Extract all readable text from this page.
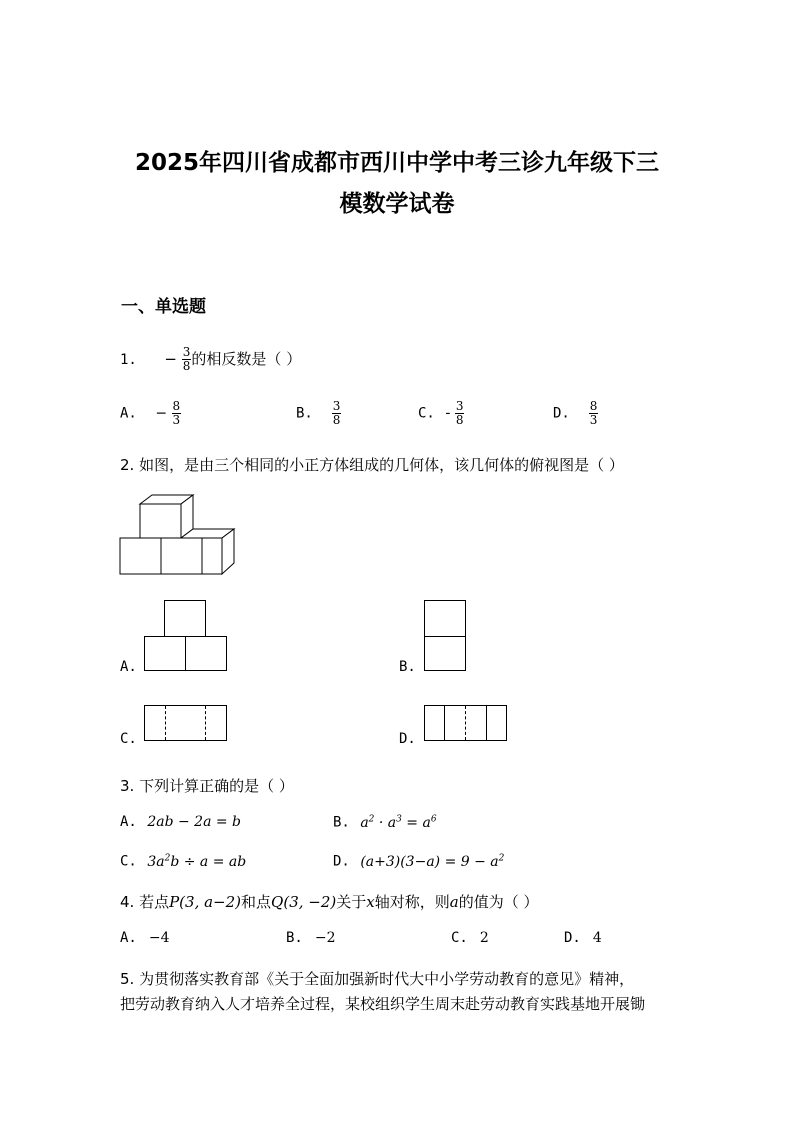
2025年四川省成都市西川中学中考三诊九年级下三
模数学试卷
一、单选题
1. − $\frac{3}{8}$ 的相反数是（ ）
A. − $\frac{8}{3}$	B. $\frac{3}{8}$	C. - $\frac{3}{8}$	D. $\frac{8}{3}$
2. 如图，是由三个相同的小正方体组成的几何体，该几何体的俯视图是（ ）
A.	B.
C.	D.
3. 下列计算正确的是（ ）
A. 2ab − 2a = b	B. $a^2 \cdot a^3 = a^6$
C. $3a^2b \div a$ = ab	D. $(a+3)(3-a) = 9 - a^2$
4. 若点P(3, a−2)和点Q(3, −2)关于x轴对称，则a的值为（ ）
A. −4	B. −2	C. 2	D. 4
5. 为贯彻落实教育部《关于全面加强新时代大中小学劳动教育的意见》精神，
把劳动教育纳入人才培养全过程，某校组织学生周末赴劳动教育实践基地开展锄
